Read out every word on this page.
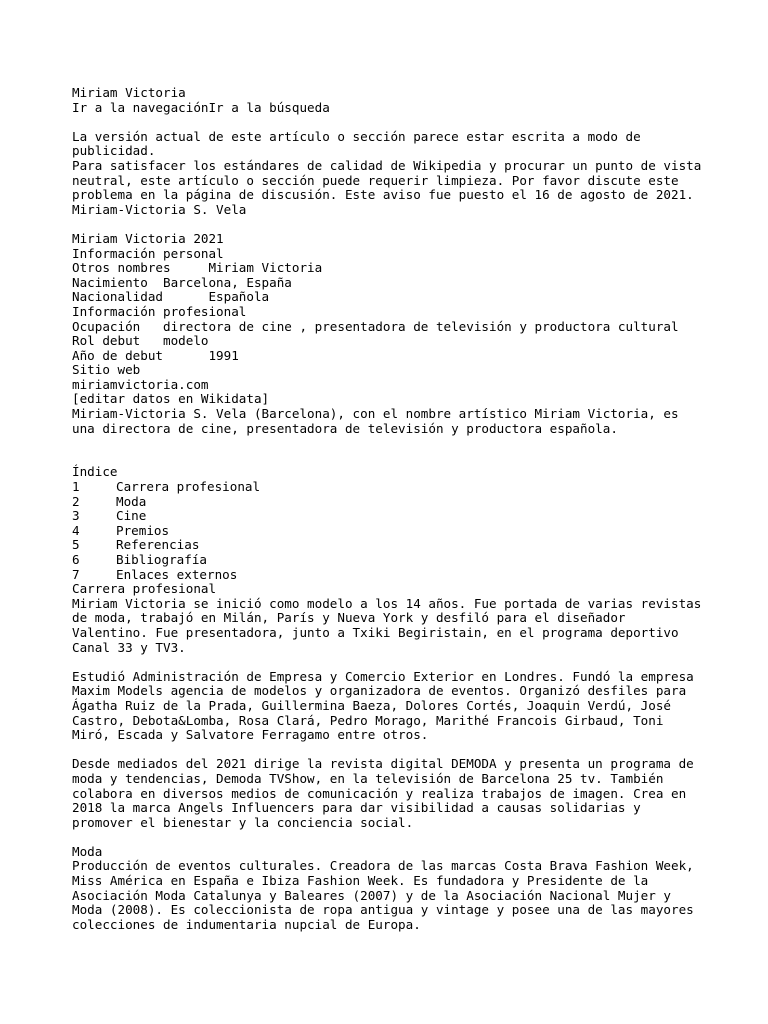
Miriam Victoria
Ir a la navegaciónIr a la búsqueda
La versión actual de este artículo o sección parece estar escrita a modo de
publicidad.
Para satisfacer los estándares de calidad de Wikipedia y procurar un punto de vista
neutral, este artículo o sección puede requerir limpieza. Por favor discute este
problema en la página de discusión. Este aviso fue puesto el 16 de agosto de 2021.
Miriam-Victoria S. Vela
Miriam Victoria 2021
Información personal
Otros nombres     Miriam Victoria
Nacimiento  Barcelona, España
Nacionalidad      Española
Información profesional
Ocupación   directora de cine , presentadora de televisión y productora cultural
Rol debut   modelo
Año de debut      1991
Sitio web
miriamvictoria.com
[editar datos en Wikidata]
Miriam-Victoria S. Vela (Barcelona), con el nombre artístico Miriam Victoria, es
una directora de cine, presentadora de televisión y productora española.
Índice
1	Carrera profesional
2	Moda
3	Cine
4	Premios
5	Referencias
6	Bibliografía
7	Enlaces externos
Carrera profesional
Miriam Victoria se inició como modelo a los 14 años. Fue portada de varias revistas
de moda, trabajó en Milán, París y Nueva York y desfiló para el diseñador
Valentino. Fue presentadora, junto a Txiki Begiristain, en el programa deportivo
Canal 33 y TV3.
Estudió Administración de Empresa y Comercio Exterior en Londres. Fundó la empresa
Maxim Models agencia de modelos y organizadora de eventos. Organizó desfiles para
Ágatha Ruiz de la Prada, Guillermina Baeza, Dolores Cortés, Joaquin Verdú, José
Castro, Debota&Lomba, Rosa Clará, Pedro Morago, Marithé Francois Girbaud, Toni
Miró, Escada y Salvatore Ferragamo entre otros.
Desde mediados del 2021 dirige la revista digital DEMODA y presenta un programa de
moda y tendencias, Demoda TVShow, en la televisión de Barcelona 25 tv. También
colabora en diversos medios de comunicación y realiza trabajos de imagen. Crea en
2018 la marca Angels Influencers para dar visibilidad a causas solidarias y
promover el bienestar y la conciencia social.
Moda
Producción de eventos culturales. Creadora de las marcas Costa Brava Fashion Week,
Miss América en España e Ibiza Fashion Week. Es fundadora y Presidente de la
Asociación Moda Catalunya y Baleares (2007) y de la Asociación Nacional Mujer y
Moda (2008). Es coleccionista de ropa antigua y vintage y posee una de las mayores
colecciones de indumentaria nupcial de Europa.
